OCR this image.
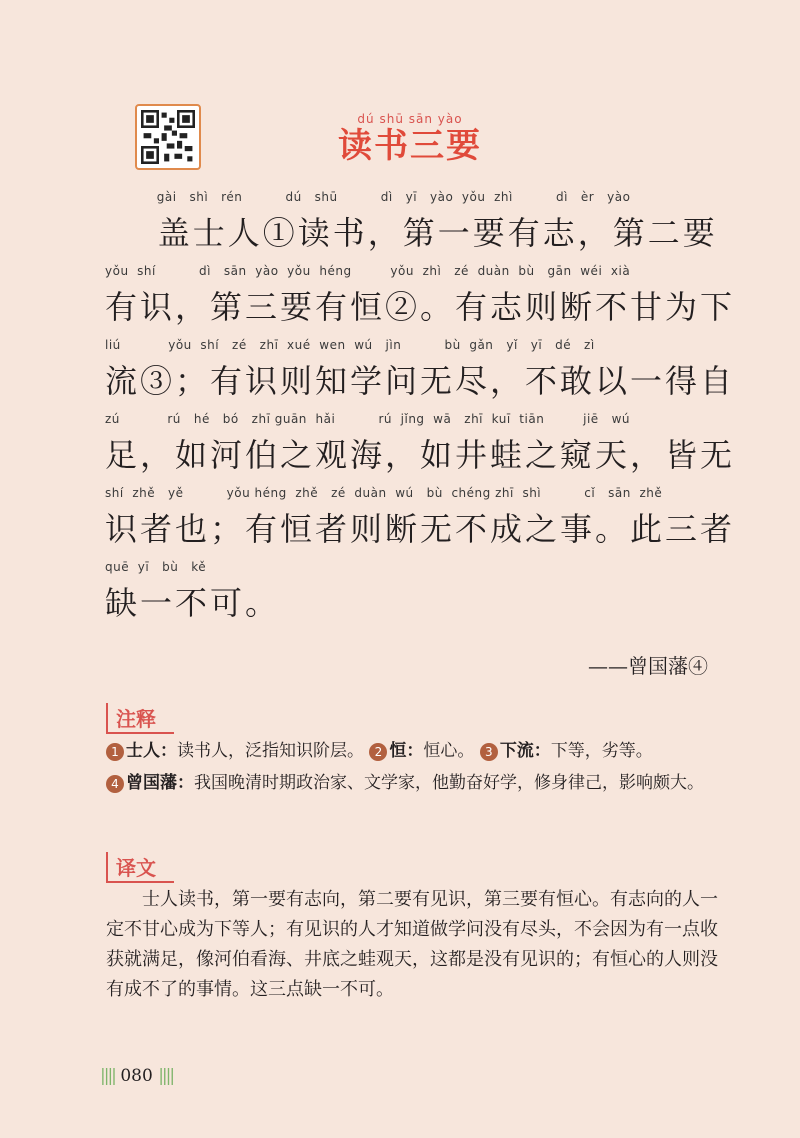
dú shū sān yào
读书三要
gài   shì   rén          dú   shū          dì   yī   yào  yǒu  zhì          dì   èr   yào
盖士人①读书，第一要有志，第二要
yǒu  shí          dì   sān  yào  yǒu  héng         yǒu  zhì   zé  duàn  bù   gān  wéi  xià
有识，第三要有恒②。有志则断不甘为下
liú           yǒu  shí   zé   zhī  xué  wen  wú   jìn          bù  gǎn   yǐ   yī   dé   zì
流③；有识则知学问无尽，不敢以一得自
zú           rú   hé   bó   zhī guān  hǎi          rú  jǐng  wā   zhī  kuī  tiān         jiē   wú
足，如河伯之观海，如井蛙之窥天，皆无
shí  zhě   yě          yǒu héng  zhě   zé  duàn  wú   bù  chéng zhī  shì          cǐ   sān  zhě
识者也；有恒者则断无不成之事。此三者
quē  yī   bù   kě
缺一不可。
——曾国藩④
注释
1 士人：读书人，泛指知识阶层。 2 恒：恒心。 3 下流：下等，劣等。
4 曾国藩：我国晚清时期政治家、文学家，他勤奋好学，修身律己，影响颇大。
译文
士人读书，第一要有志向，第二要有见识，第三要有恒心。有志向的人一定不甘心成为下等人；有见识的人才知道做学问没有尽头，不会因为有一点收获就满足，像河伯看海、井底之蛙观天，这都是没有见识的；有恒心的人则没有成不了的事情。这三点缺一不可。
|||| 080 ||||
